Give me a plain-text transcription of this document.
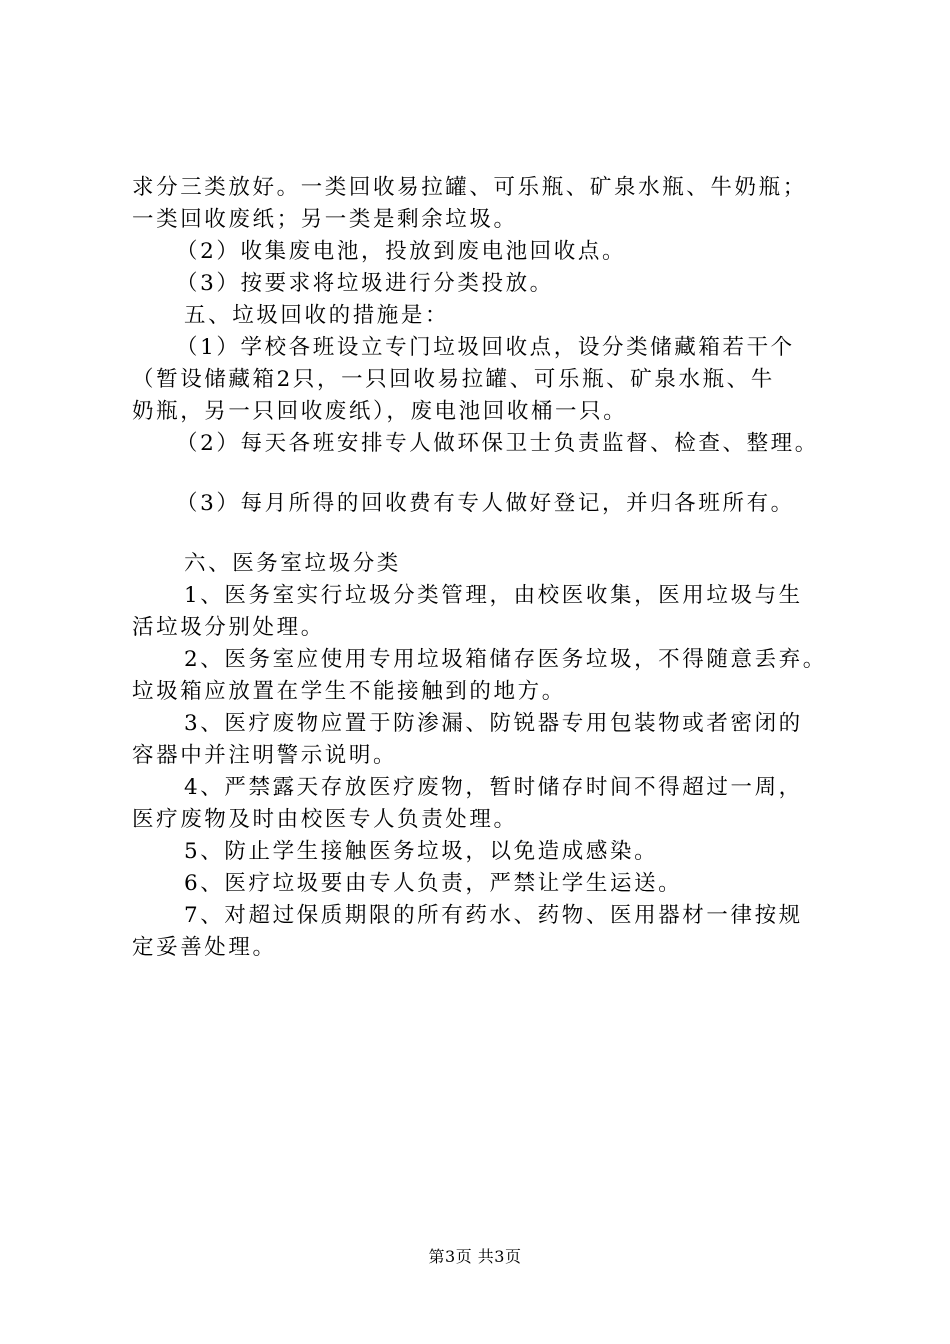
求分三类放好。一类回收易拉罐、可乐瓶、矿泉水瓶、牛奶瓶；
一类回收废纸；另一类是剩余垃圾。
（2）收集废电池，投放到废电池回收点。
（3）按要求将垃圾进行分类投放。
五、垃圾回收的措施是：
（1）学校各班设立专门垃圾回收点，设分类储藏箱若干个
（暂设储藏箱2只，一只回收易拉罐、可乐瓶、矿泉水瓶、牛
奶瓶，另一只回收废纸），废电池回收桶一只。
（2）每天各班安排专人做环保卫士负责监督、检查、整理。
（3）每月所得的回收费有专人做好登记，并归各班所有。
六、医务室垃圾分类
1、医务室实行垃圾分类管理，由校医收集，医用垃圾与生
活垃圾分别处理。
2、医务室应使用专用垃圾箱储存医务垃圾，不得随意丢弃。
垃圾箱应放置在学生不能接触到的地方。
3、医疗废物应置于防渗漏、防锐器专用包装物或者密闭的
容器中并注明警示说明。
4、严禁露天存放医疗废物，暂时储存时间不得超过一周，
医疗废物及时由校医专人负责处理。
5、防止学生接触医务垃圾，以免造成感染。
6、医疗垃圾要由专人负责，严禁让学生运送。
7、对超过保质期限的所有药水、药物、医用器材一律按规
定妥善处理。
第3页 共3页
